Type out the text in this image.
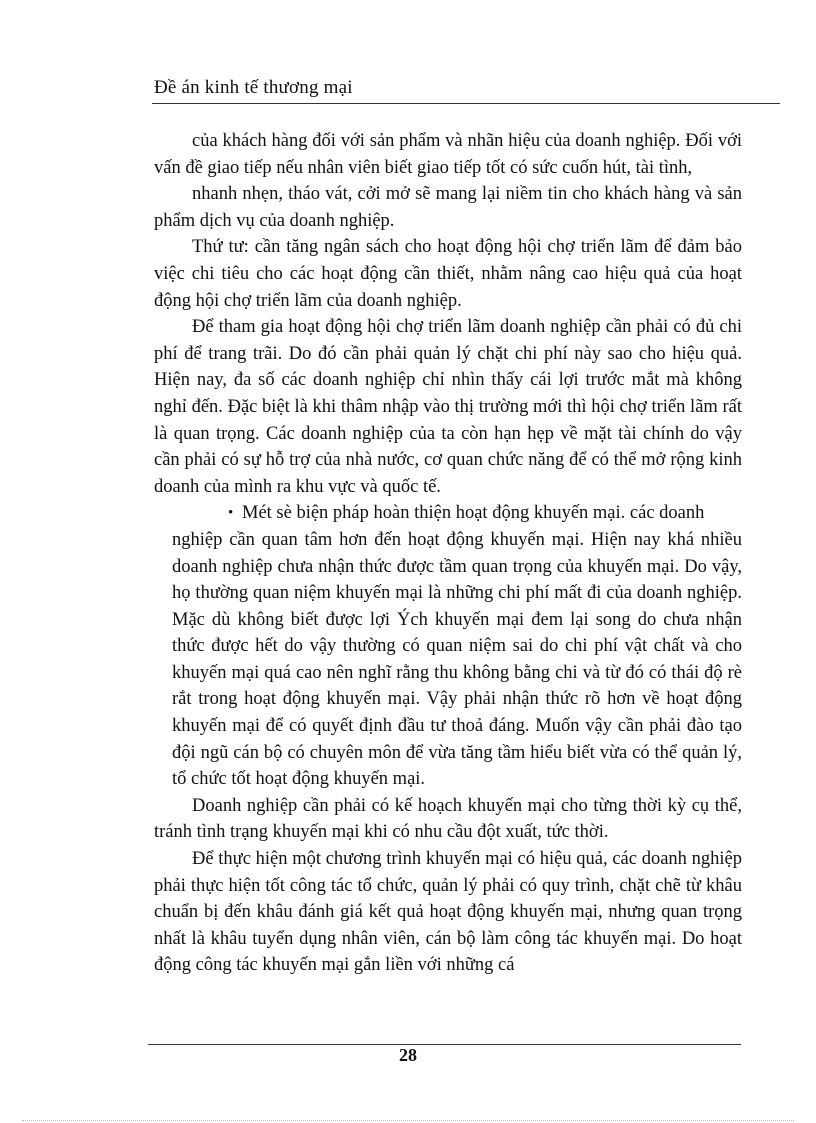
Đề án kinh tế thương mại

của khách hàng đối với sản phẩm và nhãn hiệu của doanh nghiệp. Đối với vấn đề giao tiếp nếu nhân viên biết giao tiếp tốt có sức cuốn hút, tài tình,

nhanh nhẹn, tháo vát, cởi mở sẽ mang lại niềm tin cho khách hàng và sản phẩm dịch vụ của doanh nghiệp.

Thứ tư: cần tăng ngân sách cho hoạt động hội chợ triển lãm để đảm bảo việc chi tiêu cho các hoạt động cần thiết, nhằm nâng cao hiệu quả của hoạt động hội chợ triển lãm của doanh nghiệp.

Để tham gia hoạt động hội chợ triển lãm doanh nghiệp cần phải có đủ chi phí để trang trãi. Do đó cần phải quản lý chặt chi phí này sao cho hiệu quả. Hiện nay, đa số các doanh nghiệp chỉ nhìn thấy cái lợi trước mắt mà không nghỉ đến. Đặc biệt là khi thâm nhập vào thị trường mới thì hội chợ triển lãm rất là quan trọng. Các doanh nghiệp của ta còn hạn hẹp về mặt tài chính do vậy cần phải có sự hỗ trợ của nhà nước, cơ quan chức năng để có thể mở rộng kinh doanh của mình ra khu vực và quốc tế.

• Mét sè biện pháp hoàn thiện hoạt động khuyến mại. các doanh

nghiệp cần quan tâm hơn đến hoạt động khuyến mại. Hiện nay khá nhiều doanh nghiệp chưa nhận thức được tầm quan trọng của khuyến mại. Do vậy, họ thường quan niệm khuyến mại là những chi phí mất đi của doanh nghiệp. Mặc dù không biết được lợi Ých khuyến mại đem lại song do chưa nhận thức được hết do vậy thường có quan niệm sai do chi phí vật chất và cho khuyến mại quá cao nên nghĩ rằng thu không bằng chi và từ đó có thái độ rè rắt trong hoạt động khuyến mại. Vậy phải nhận thức rõ hơn về hoạt động khuyến mại để có quyết định đầu tư thoả đáng. Muốn vậy cần phải đào tạo đội ngũ cán bộ có chuyên môn để vừa tăng tầm hiểu biết vừa có thể quản lý, tổ chức tốt hoạt động khuyến mại.

Doanh nghiệp cần phải có kế hoạch khuyến mại cho từng thời kỳ cụ thể, tránh tình trạng khuyến mại khi có nhu cầu đột xuất, tức thời.

Để thực hiện một chương trình khuyến mại có hiệu quả, các doanh nghiệp phải thực hiện tốt công tác tổ chức, quản lý phải có quy trình, chặt chẽ từ khâu chuẩn bị đến khâu đánh giá kết quả hoạt động khuyến mại, nhưng quan trọng nhất là khâu tuyển dụng nhân viên, cán bộ làm công tác khuyến mại. Do hoạt động công tác khuyến mại gắn liền với những cá

28
